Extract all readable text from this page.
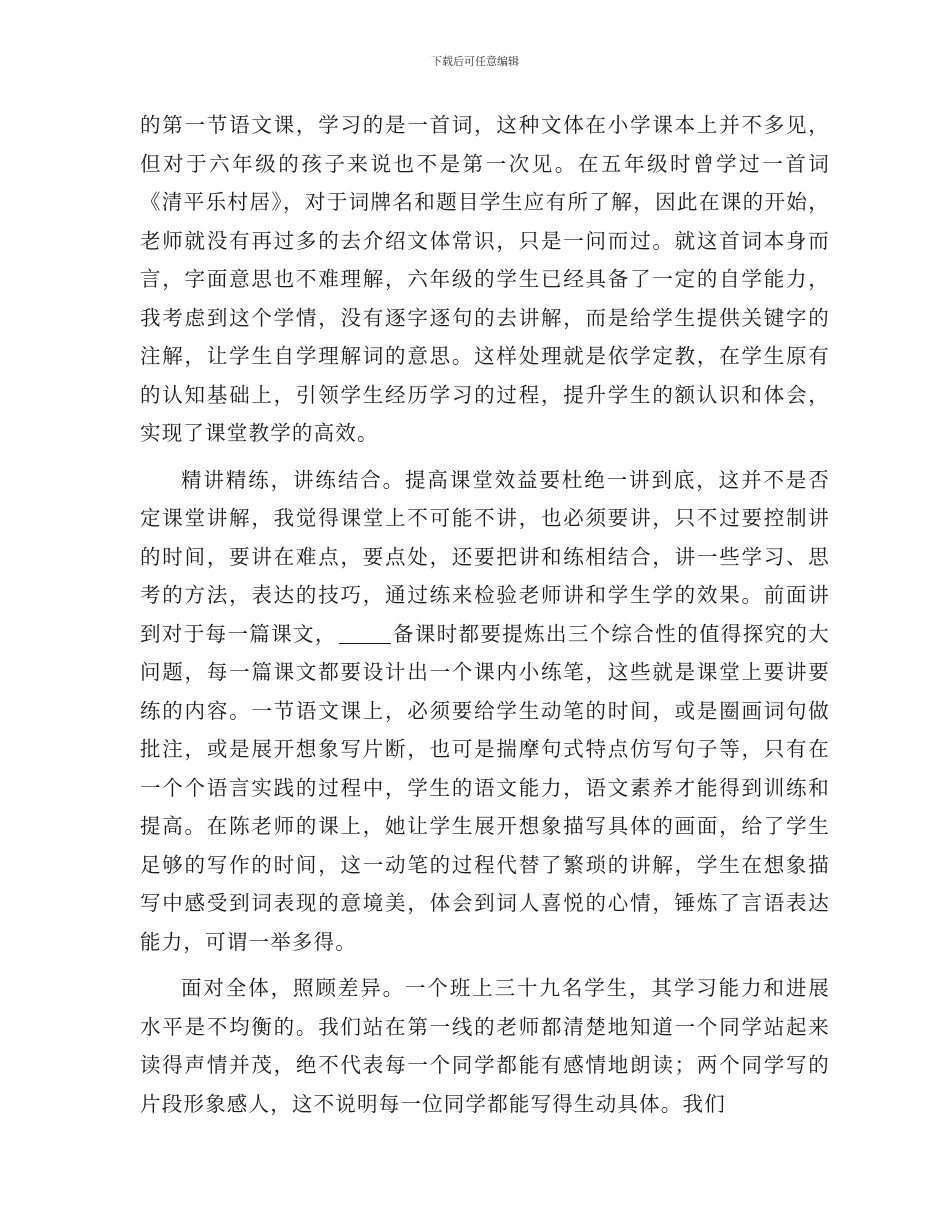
下载后可任意编辑

的第一节语文课，学习的是一首词，这种文体在小学课本上并不多见，但对于六年级的孩子来说也不是第一次见。在五年级时曾学过一首词《清平乐村居》，对于词牌名和题目学生应有所了解，因此在课的开始，老师就没有再过多的去介绍文体常识，只是一问而过。就这首词本身而言，字面意思也不难理解，六年级的学生已经具备了一定的自学能力，我考虑到这个学情，没有逐字逐句的去讲解，而是给学生提供关键字的注解，让学生自学理解词的意思。这样处理就是依学定教，在学生原有的认知基础上，引领学生经历学习的过程，提升学生的额认识和体会，实现了课堂教学的高效。

精讲精练，讲练结合。提高课堂效益要杜绝一讲到底，这并不是否定课堂讲解，我觉得课堂上不可能不讲，也必须要讲，只不过要控制讲的时间，要讲在难点，要点处，还要把讲和练相结合，讲一些学习、思考的方法，表达的技巧，通过练来检验老师讲和学生学的效果。前面讲到对于每一篇课文，	备课时都要提炼出三个综合性的值得探究的大问题，每一篇课文都要设计出一个课内小练笔，这些就是课堂上要讲要练的内容。一节语文课上，必须要给学生动笔的时间，或是圈画词句做批注，或是展开想象写片断，也可是揣摩句式特点仿写句子等，只有在一个个语言实践的过程中，学生的语文能力，语文素养才能得到训练和提高。在陈老师的课上，她让学生展开想象描写具体的画面，给了学生足够的写作的时间，这一动笔的过程代替了繁琐的讲解，学生在想象描写中感受到词表现的意境美，体会到词人喜悦的心情，锤炼了言语表达能力，可谓一举多得。

面对全体，照顾差异。一个班上三十九名学生，其学习能力和进展水平是不均衡的。我们站在第一线的老师都清楚地知道一个同学站起来读得声情并茂，绝不代表每一个同学都能有感情地朗读；两个同学写的片段形象感人，这不说明每一位同学都能写得生动具体。我们
